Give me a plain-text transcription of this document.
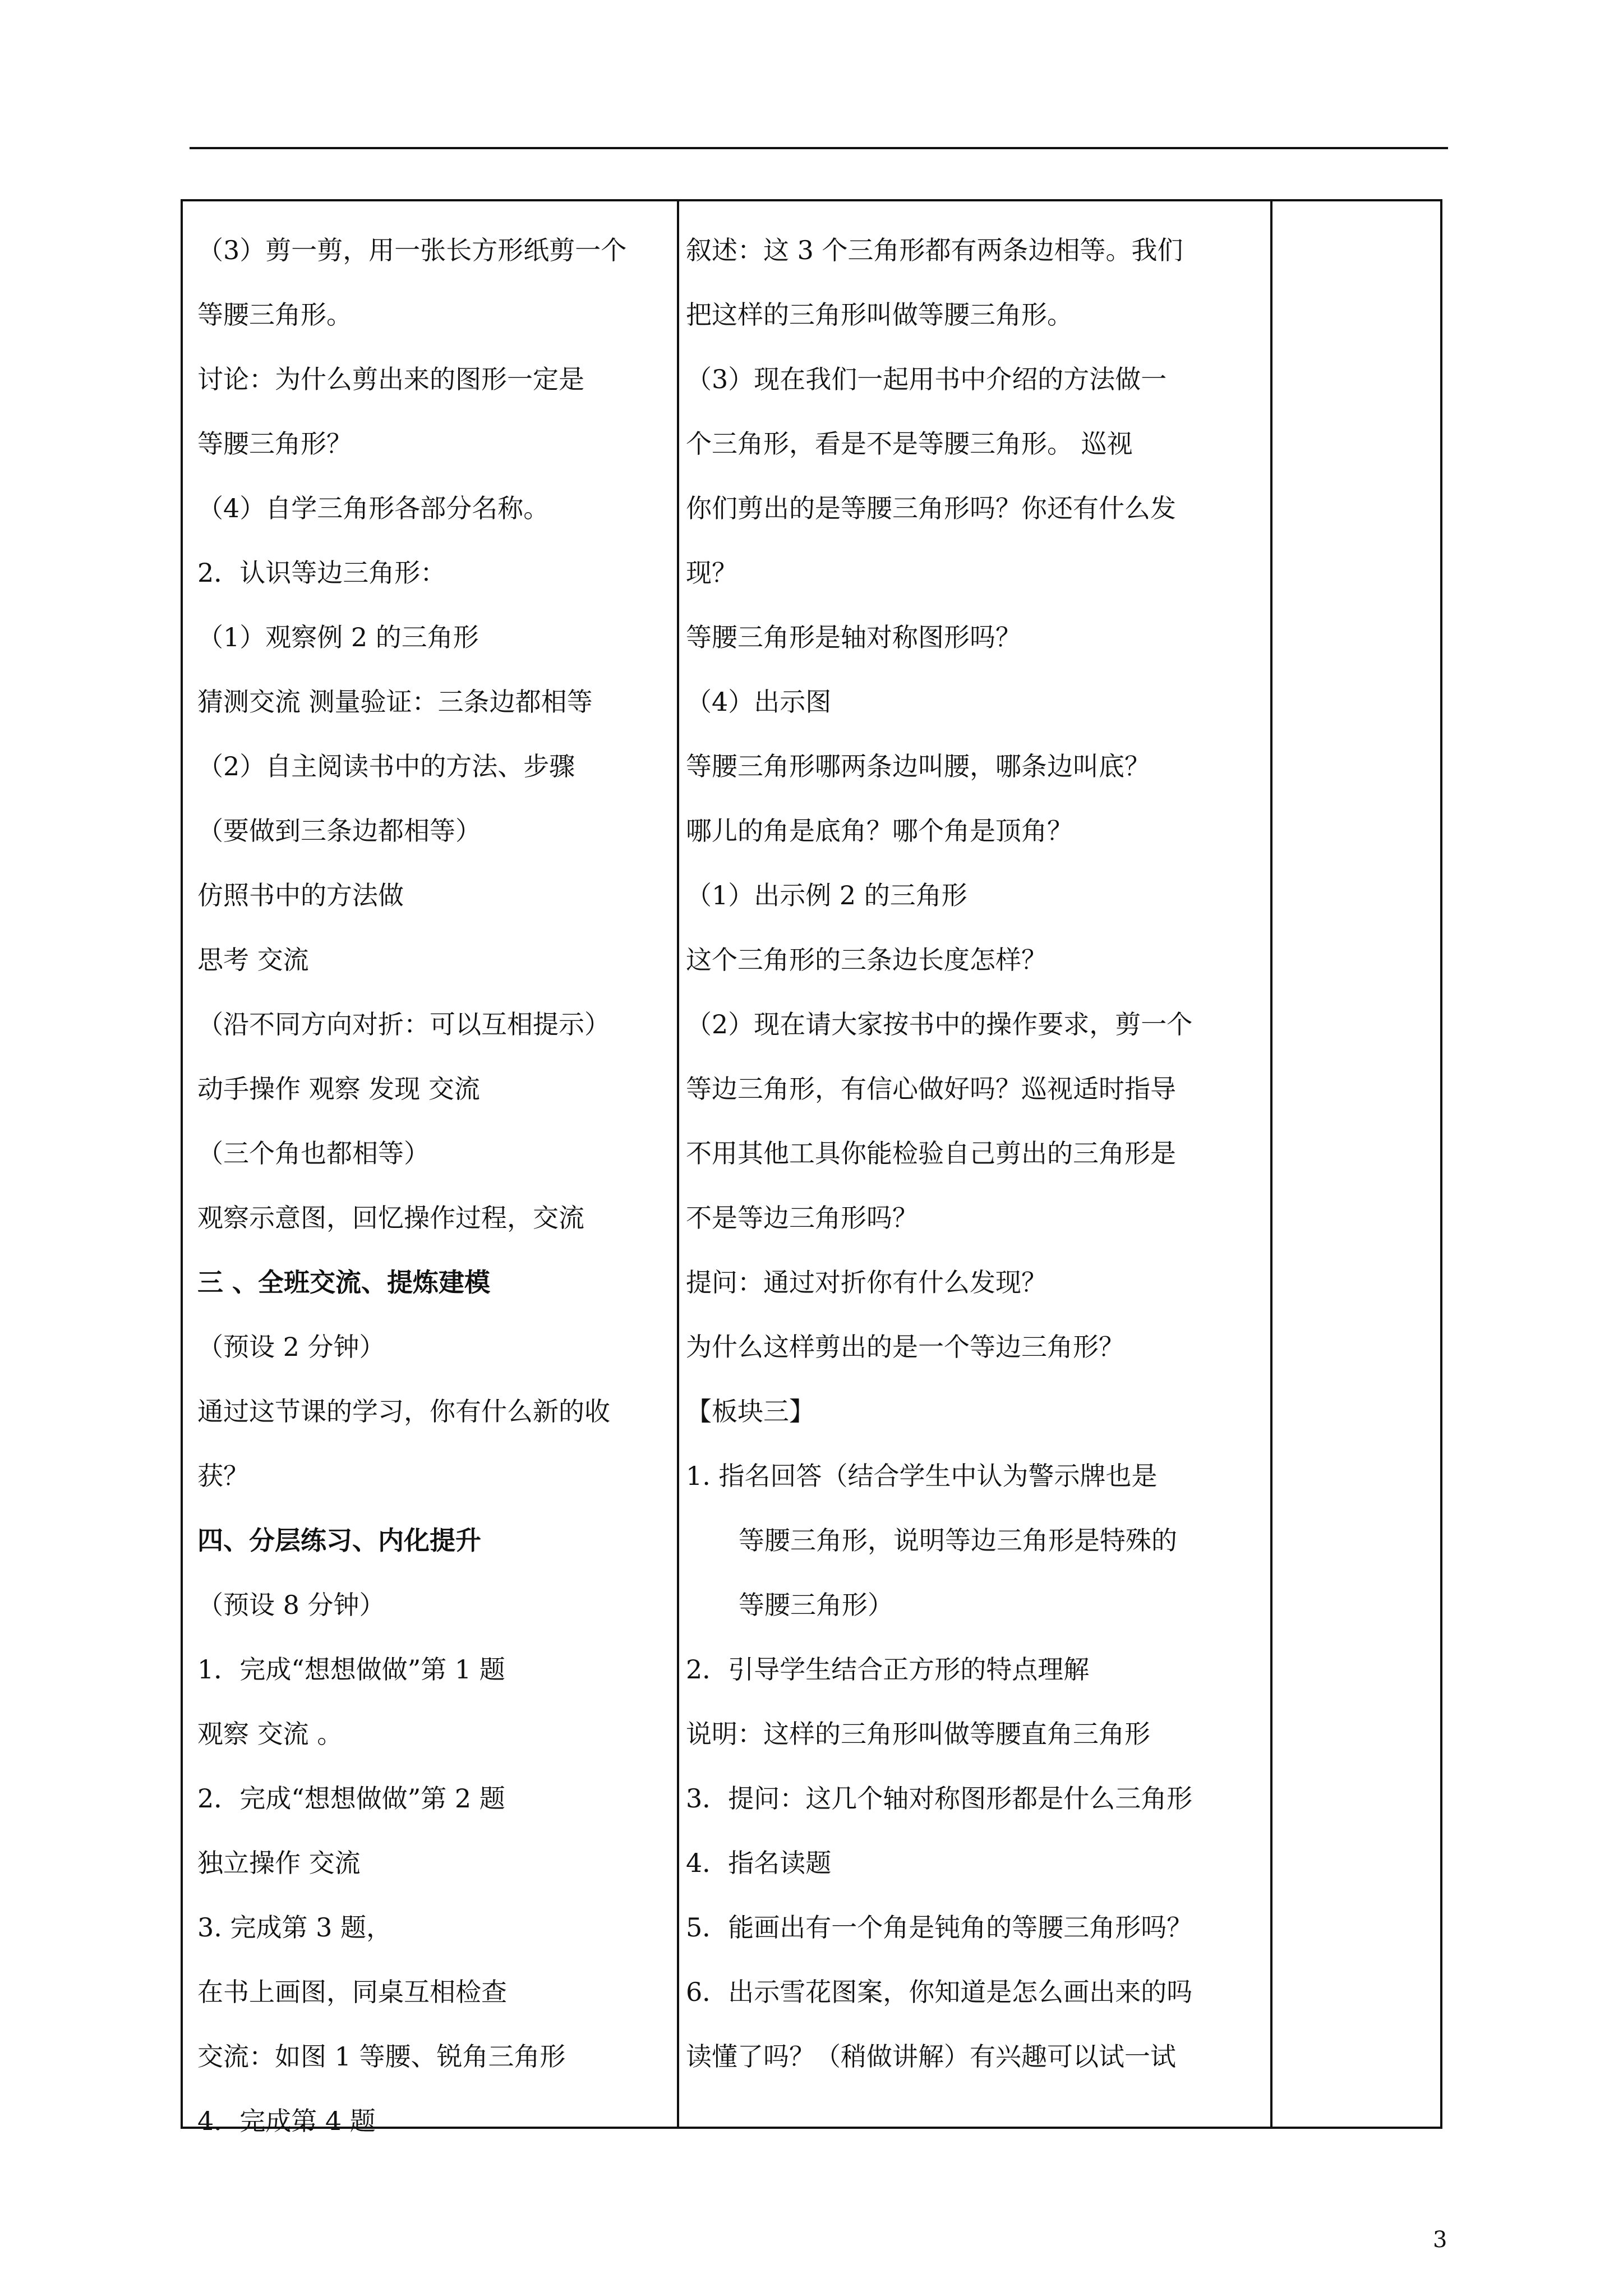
（3）剪一剪，用一张长方形纸剪一个
等腰三角形。
讨论：为什么剪出来的图形一定是
等腰三角形？
（4）自学三角形各部分名称。
2．认识等边三角形：
（1）观察例 2 的三角形
猜测交流 测量验证：三条边都相等
（2）自主阅读书中的方法、步骤
（要做到三条边都相等）
仿照书中的方法做
思考 交流
（沿不同方向对折：可以互相提示）
动手操作 观察 发现 交流
（三个角也都相等）
观察示意图，回忆操作过程，交流
三 、全班交流、提炼建模
（预设 2 分钟）
通过这节课的学习，你有什么新的收
获？
四、分层练习、内化提升
（预设 8 分钟）
1．完成“想想做做”第 1 题
观察 交流 。
2．完成“想想做做”第 2 题
独立操作 交流
3. 完成第 3 题，
在书上画图，同桌互相检查
交流：如图 1 等腰、锐角三角形
4．完成第 4 题
叙述：这 3 个三角形都有两条边相等。我们
把这样的三角形叫做等腰三角形。
（3）现在我们一起用书中介绍的方法做一
个三角形，看是不是等腰三角形。 巡视
你们剪出的是等腰三角形吗？你还有什么发
现？
等腰三角形是轴对称图形吗？
（4）出示图
等腰三角形哪两条边叫腰，哪条边叫底？
哪儿的角是底角？哪个角是顶角？
（1）出示例 2 的三角形
这个三角形的三条边长度怎样？
（2）现在请大家按书中的操作要求，剪一个
等边三角形，有信心做好吗？巡视适时指导
不用其他工具你能检验自己剪出的三角形是
不是等边三角形吗？
提问：通过对折你有什么发现？
为什么这样剪出的是一个等边三角形？
【板块三】
1. 指名回答（结合学生中认为警示牌也是
等腰三角形，说明等边三角形是特殊的
等腰三角形）
2．引导学生结合正方形的特点理解
说明：这样的三角形叫做等腰直角三角形
3．提问：这几个轴对称图形都是什么三角形
4．指名读题
5．能画出有一个角是钝角的等腰三角形吗？
6．出示雪花图案，你知道是怎么画出来的吗
读懂了吗？（稍做讲解）有兴趣可以试一试
3
